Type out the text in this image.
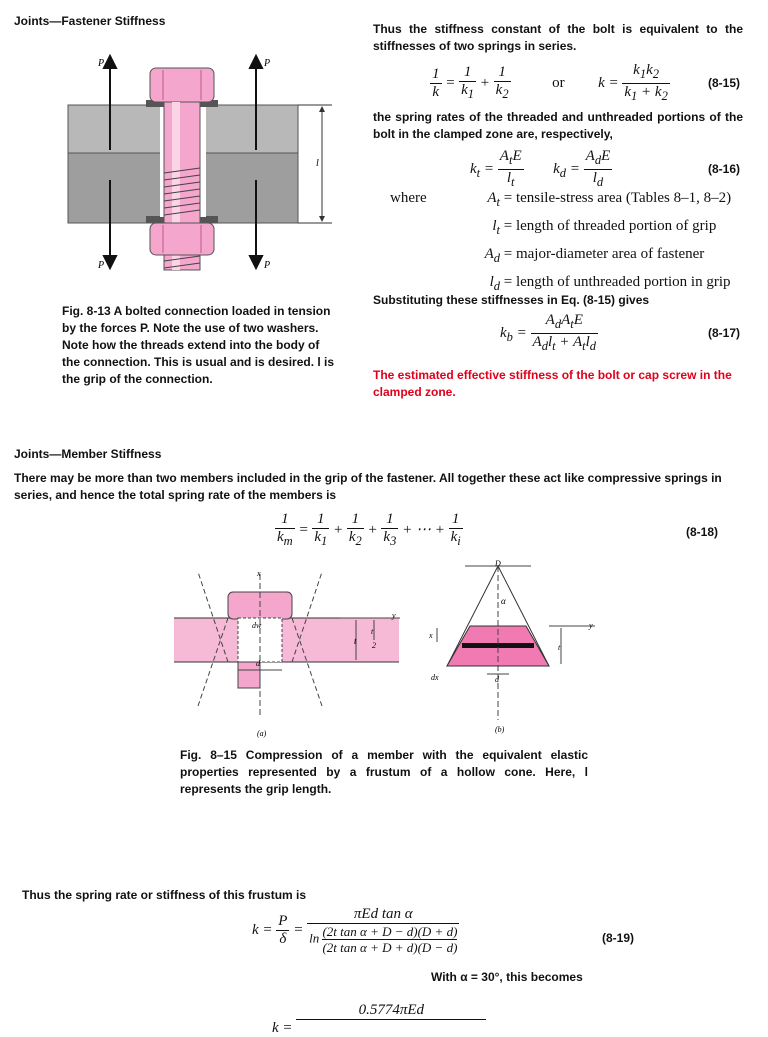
Joints—Fastener Stiffness
P	P
P	P
l
Fig. 8-13 A bolted connection loaded in tension by the forces P. Note the use of two washers. Note how the threads extend into the body of the connection. This is usual and is desired. l is the grip of the connection.
Thus the stiffness constant of the bolt is equivalent to the stiffnesses of two springs in series.
$\frac{1}{k} = \frac{1}{k_1} + \frac{1}{k_2}$	or  $k = \frac{k_1k_2}{k_1 + k_2}$	(8-15)
the spring rates of the threaded and unthreaded portions of the bolt in the clamped zone are, respectively,
$k_t = \frac{A_tE}{l_t} k_d = \frac{A_dE}{l_d}$	(8-16)
where	$A_t$ = tensile-stress area (Tables 8–1, 8–2)
$l_t$ = length of threaded portion of grip
$A_d$ = major-diameter area of fastener
$l_d$ = length of unthreaded portion in grip
Substituting these stiffnesses in Eq. (8-15) gives
$k_b = \frac{A_dA_tE}{A_dl_t + A_tl_d}$	(8-17)
The estimated effective stiffness of the bolt or cap screw in the clamped zone.
Joints—Member Stiffness
There may be more than two members included in the grip of the fastener. All together these act like compressive springs in series, and hence the total spring rate of the members is
$\frac{1}{k_m} = \frac{1}{k_1} + \frac{1}{k_2} + \frac{1}{k_3}$ + ⋯ + $\frac{1}{k_i}$	(8-18)
x
y
t
t
2
dw
d
(a)
D
α
y
t
x
dx	d
(b)
Fig. 8–15 Compression of a member with the equivalent elastic properties represented by a frustum of a hollow cone. Here, l represents the grip length.
Thus the spring rate or stiffness of this frustum is
$k = \frac{P}{\delta} = \frac{\text{πEd tan α}}{\ln \frac{\text{(2t tan α + D − d)(D + d)}}{\text{(2t tan α + D + d)(D − d)}}}$	(8-19)
With α = 30°, this becomes
k =
0.5774πEd
